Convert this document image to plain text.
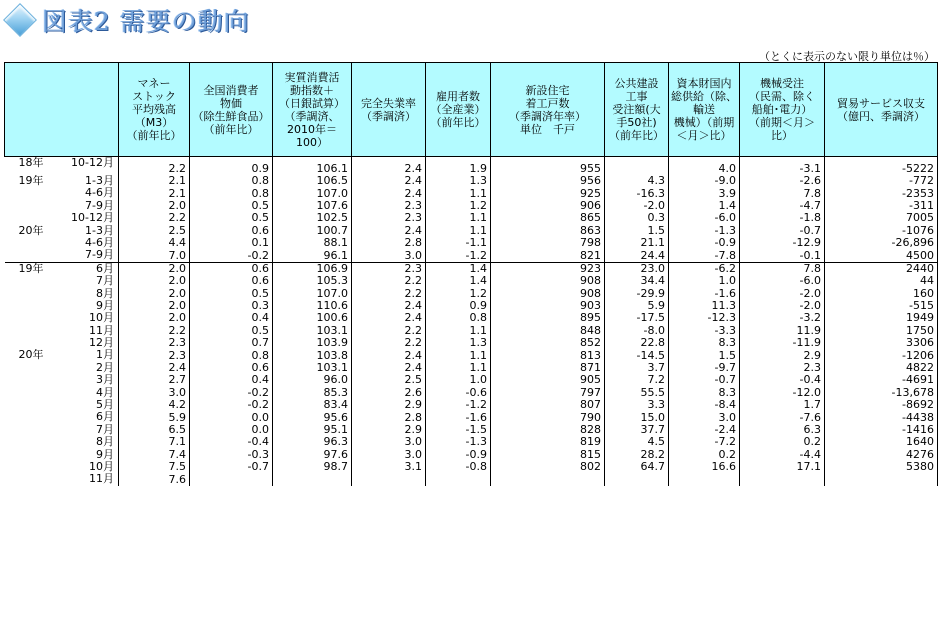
図表2 需要の動向
（とくに表示のない限り単位は％）
	マネー
ストック
平均残高
（M3）
（前年比）	全国消費者
物価
（除生鮮食品）
（前年比）	実質消費活
動指数＋
（日銀試算）
（季調済、
2010年＝100）	完全失業率
（季調済）	雇用者数
（全産業）
（前年比）	新設住宅
着工戸数
（季調済年率）
単位　千戸	公共建設
工事
受注額(大
手50社)
（前年比）	資本財国内
総供給（除、
輸送
機械）（前期
＜月＞比）	機械受注
（民需、除く
船舶･電力）
（前期＜月＞
比）	貿易サービス収支
（億円、季調済）

18年 10-12月	2.2	0.9	106.1	2.4	1.9	955		4.0	-3.1	-5222

19年 1-3月	2.1	0.8	106.5	2.4	1.3	956	4.3	-9.0	-2.6	-772

4-6月	2.1	0.8	107.0	2.4	1.1	925	-16.3	3.9	7.8	-2353

7-9月	2.0	0.5	107.6	2.3	1.2	906	-2.0	1.4	-4.7	-311

10-12月	2.2	0.5	102.5	2.3	1.1	865	0.3	-6.0	-1.8	7005

20年 1-3月	2.5	0.6	100.7	2.4	1.1	863	1.5	-1.3	-0.7	-1076

4-6月	4.4	0.1	88.1	2.8	-1.1	798	21.1	-0.9	-12.9	-26,896

7-9月	7.0	-0.2	96.1	3.0	-1.2	821	24.4	-7.8	-0.1	4500

19年 6月	2.0	0.6	106.9	2.3	1.4	923	23.0	-6.2	7.8	2440

7月	2.0	0.6	105.3	2.2	1.4	908	34.4	1.0	-6.0	44

8月	2.0	0.5	107.0	2.2	1.2	908	-29.9	-1.6	-2.0	160

9月	2.0	0.3	110.6	2.4	0.9	903	5.9	11.3	-2.0	-515

10月	2.0	0.4	100.6	2.4	0.8	895	-17.5	-12.3	-3.2	1949

11月	2.2	0.5	103.1	2.2	1.1	848	-8.0	-3.3	11.9	1750

12月	2.3	0.7	103.9	2.2	1.3	852	22.8	8.3	-11.9	3306

20年 1月	2.3	0.8	103.8	2.4	1.1	813	-14.5	1.5	2.9	-1206

2月	2.4	0.6	103.1	2.4	1.1	871	3.7	-9.7	2.3	4822

3月	2.7	0.4	96.0	2.5	1.0	905	7.2	-0.7	-0.4	-4691

4月	3.0	-0.2	85.3	2.6	-0.6	797	55.5	8.3	-12.0	-13,678

5月	4.2	-0.2	83.4	2.9	-1.2	807	3.3	-8.4	1.7	-8692

6月	5.9	0.0	95.6	2.8	-1.6	790	15.0	3.0	-7.6	-4438

7月	6.5	0.0	95.1	2.9	-1.5	828	37.7	-2.4	6.3	-1416

8月	7.1	-0.4	96.3	3.0	-1.3	819	4.5	-7.2	0.2	1640

9月	7.4	-0.3	97.6	3.0	-0.9	815	28.2	0.2	-4.4	4276

10月	7.5	-0.7	98.7	3.1	-0.8	802	64.7	16.6	17.1	5380

11月	7.6									
